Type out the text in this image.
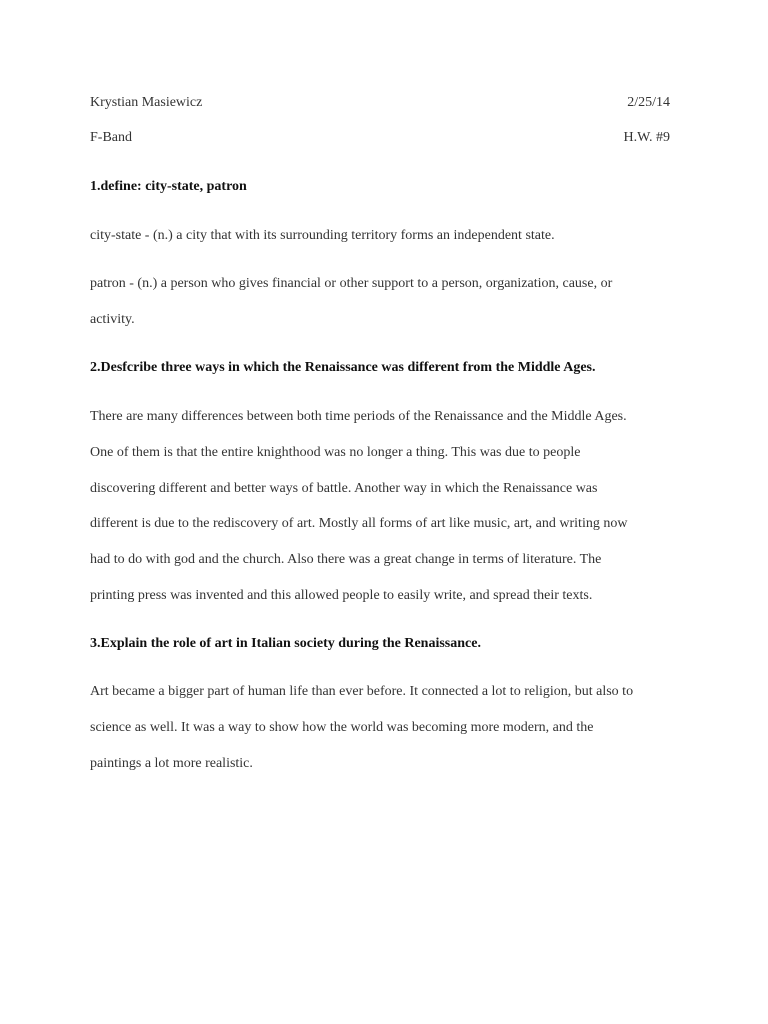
Krystian Masiewicz	2/25/14
F-Band	H.W. #9
1.define: city-state, patron
city-state - (n.) a city that with its surrounding territory forms an independent state.
patron - (n.) a person who gives financial or other support to a person, organization, cause, or
activity.
2.Desfcribe three ways in which the Renaissance was different from the Middle Ages.
There are many differences between both time periods of the Renaissance and the Middle Ages.
One of them is that the entire knighthood was no longer a thing. This was due to people
discovering different and better ways of battle. Another way in which the Renaissance was
different is due to the rediscovery of art. Mostly all forms of art like music, art, and writing now
had to do with god and the church. Also there was a great change in terms of literature. The
printing press was invented and this allowed people to easily write, and spread their texts.
3.Explain the role of art in Italian society during the Renaissance.
Art became a bigger part of human life than ever before. It connected a lot to religion, but also to
science as well. It was a way to show how the world was becoming more modern, and the
paintings a lot more realistic.
